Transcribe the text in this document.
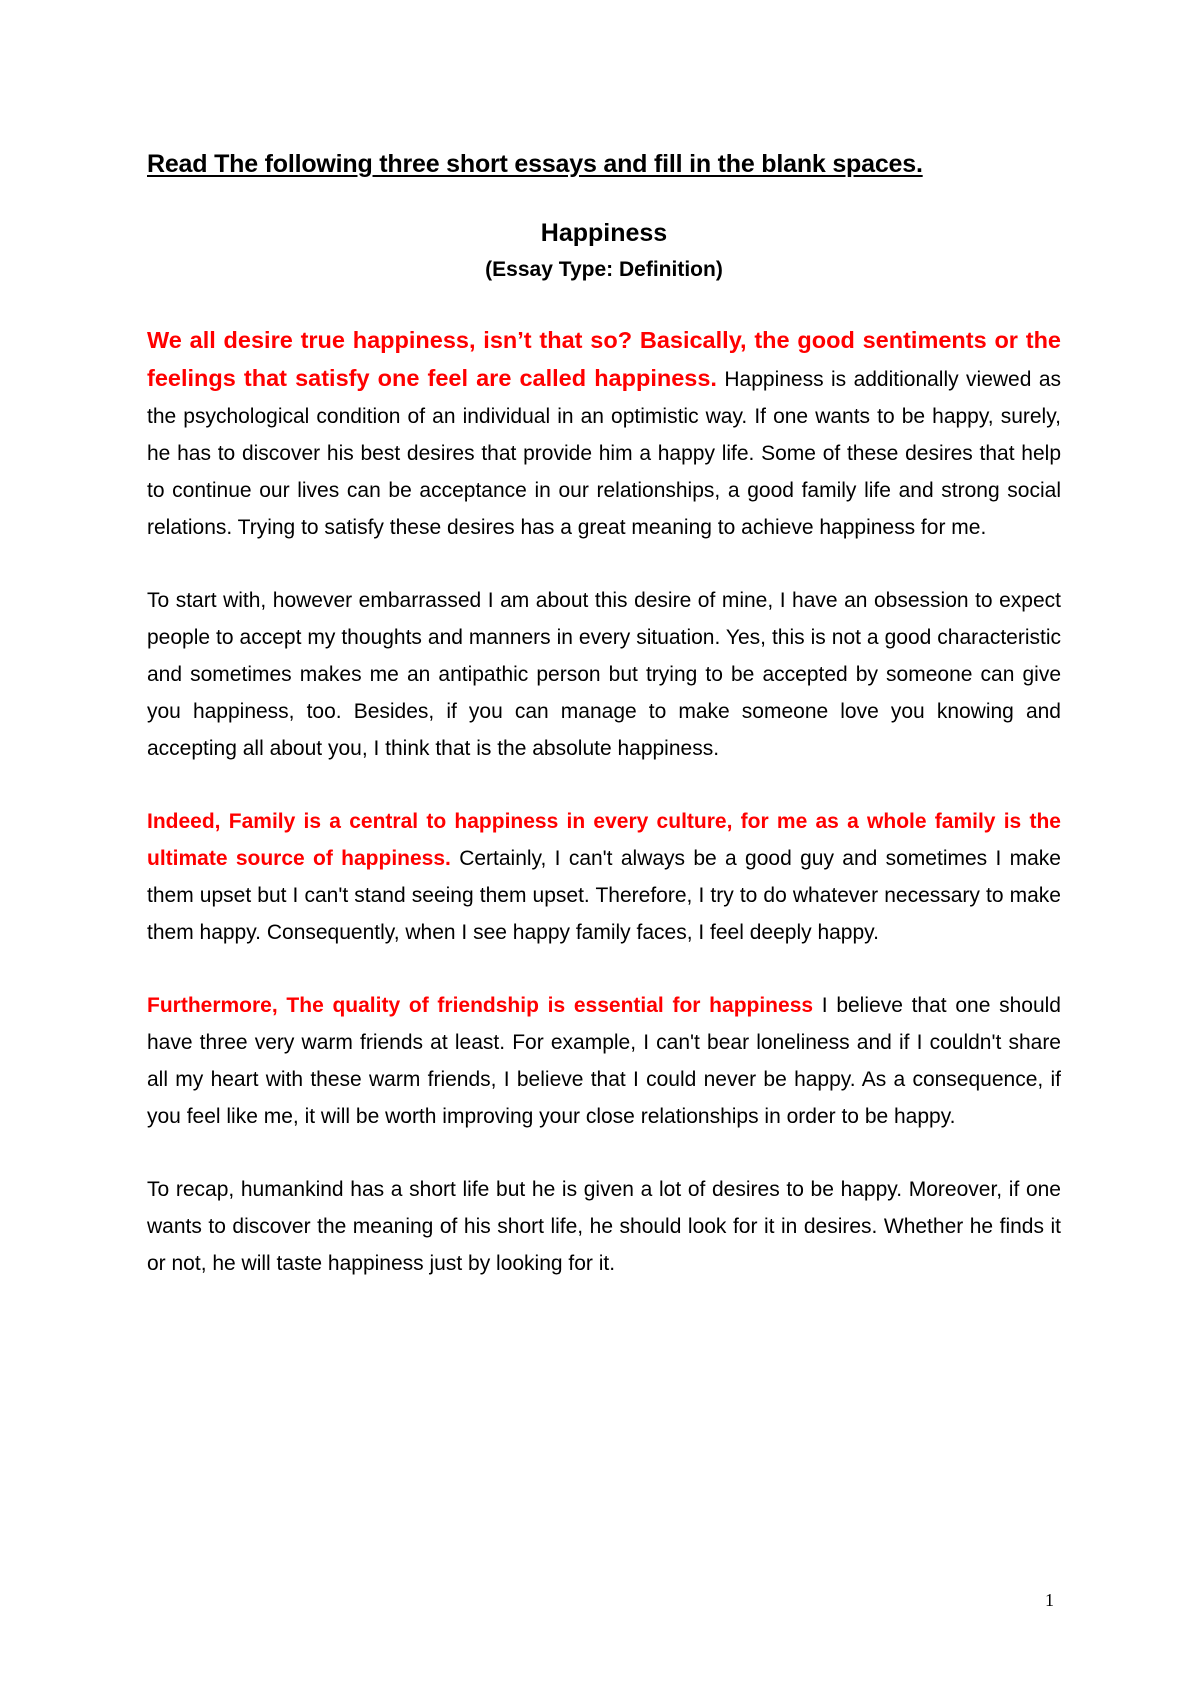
Read The following three short essays and fill in the blank spaces.
Happiness
(Essay Type: Definition)

We all desire true happiness, isn’t that so? Basically, the good sentiments or the feelings that satisfy one feel are called happiness. Happiness is additionally viewed as the psychological condition of an individual in an optimistic way. If one wants to be happy, surely, he has to discover his best desires that provide him a happy life. Some of these desires that help to continue our lives can be acceptance in our relationships, a good family life and strong social relations. Trying to satisfy these desires has a great meaning to achieve happiness for me.

To start with, however embarrassed I am about this desire of mine, I have an obsession to expect people to accept my thoughts and manners in every situation. Yes, this is not a good characteristic and sometimes makes me an antipathic person but trying to be accepted by someone can give you happiness, too. Besides, if you can manage to make someone love you knowing and accepting all about you, I think that is the absolute happiness.

Indeed, Family is a central to happiness in every culture, for me as a whole family is the ultimate source of happiness. Certainly, I can't always be a good guy and sometimes I make them upset but I can't stand seeing them upset. Therefore, I try to do whatever necessary to make them happy. Consequently, when I see happy family faces, I feel deeply happy.

Furthermore, The quality of friendship is essential for happiness I believe that one should have three very warm friends at least. For example, I can't bear loneliness and if I couldn't share all my heart with these warm friends, I believe that I could never be happy. As a consequence, if you feel like me, it will be worth improving your close relationships in order to be happy.

To recap, humankind has a short life but he is given a lot of desires to be happy. Moreover, if one wants to discover the meaning of his short life, he should look for it in desires. Whether he finds it or not, he will taste happiness just by looking for it.

1
